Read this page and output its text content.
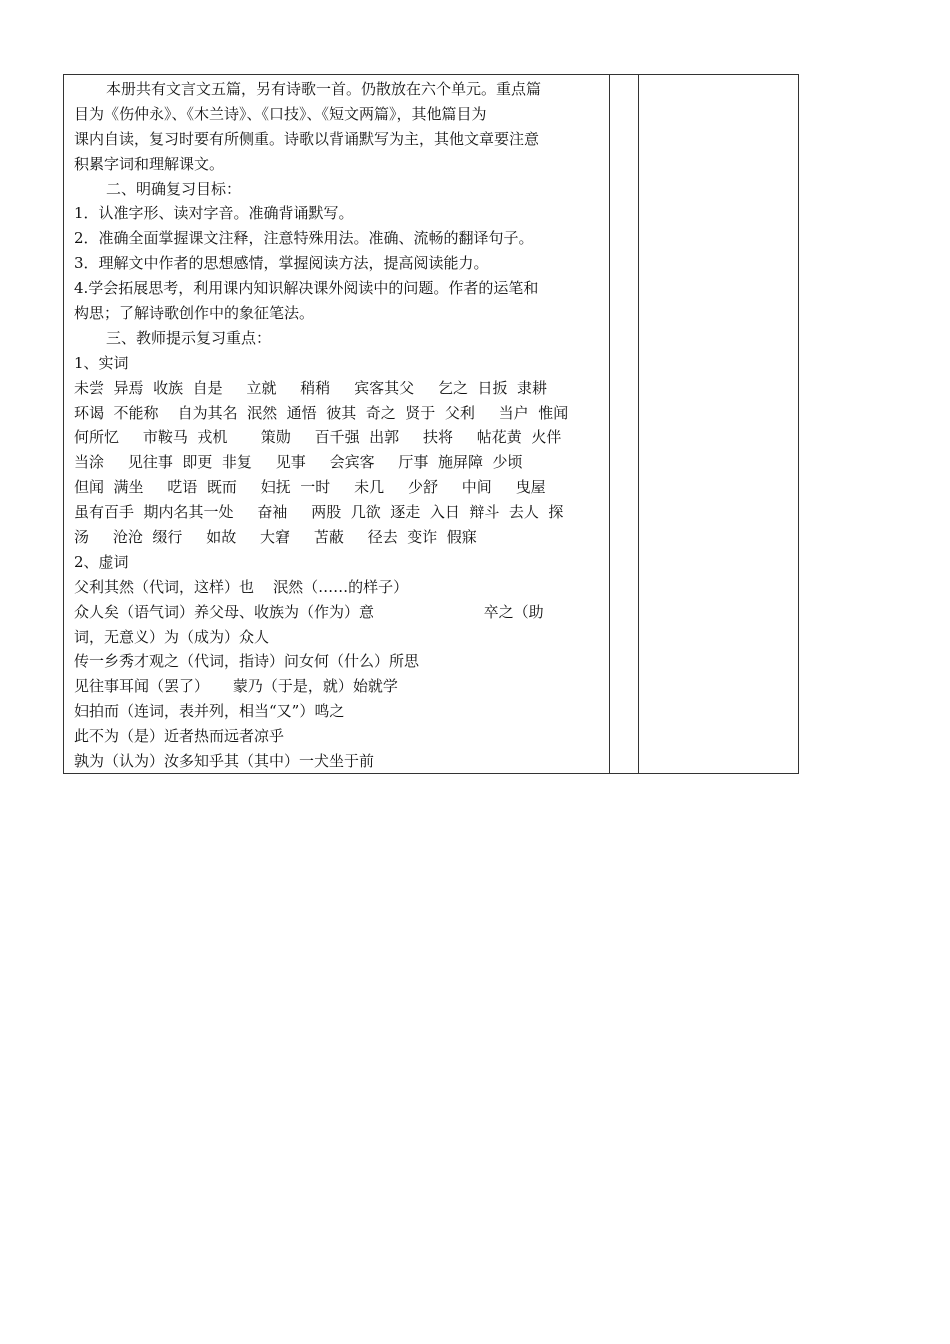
本册共有文言文五篇，另有诗歌一首。仍散放在六个单元。重点篇
目为《伤仲永》、《木兰诗》、《口技》、《短文两篇》，其他篇目为
课内自读，复习时要有所侧重。诗歌以背诵默写为主，其他文章要注意
积累字词和理解课文。
二、明确复习目标：
1．认准字形、读对字音。准确背诵默写。
2．准确全面掌握课文注释，注意特殊用法。准确、流畅的翻译句子。
3．理解文中作者的思想感情，掌握阅读方法，提高阅读能力。
4.学会拓展思考，利用课内知识解决课外阅读中的问题。作者的运笔和
构思；了解诗歌创作中的象征笔法。
三、教师提示复习重点：
1、实词
未尝  异焉  收族  自是     立就     稍稍     宾客其父     乞之  日扳  隶耕
环谒  不能称    自为其名  泯然  通悟  彼其  奇之  贤于  父利     当户  惟闻
何所忆     市鞍马  戎机       策勋     百千强  出郭     扶将     帖花黄  火伴
当涂     见往事  即更  非复     见事     会宾客     厅事  施屏障  少顷
但闻  满坐     呓语  既而     妇抚  一时     未几     少舒     中间     曳屋
虽有百手  期内名其一处     奋袖     两股  几欲  逐走  入日  辩斗  去人  探
汤     沧沧  缀行     如故     大窘     苫蔽     径去  变诈  假寐
2、虚词
父利其然（代词，这样）也    泯然（……的样子）
众人矣（语气词）养父母、收族为（作为）意                       卒之（助
词，无意义）为（成为）众人
传一乡秀才观之（代词，指诗）问女何（什么）所思
见往事耳闻（罢了）     蒙乃（于是，就）始就学
妇拍而（连词，表并列，相当“又”）鸣之
此不为（是）近者热而远者凉乎
孰为（认为）汝多知乎其（其中）一犬坐于前
